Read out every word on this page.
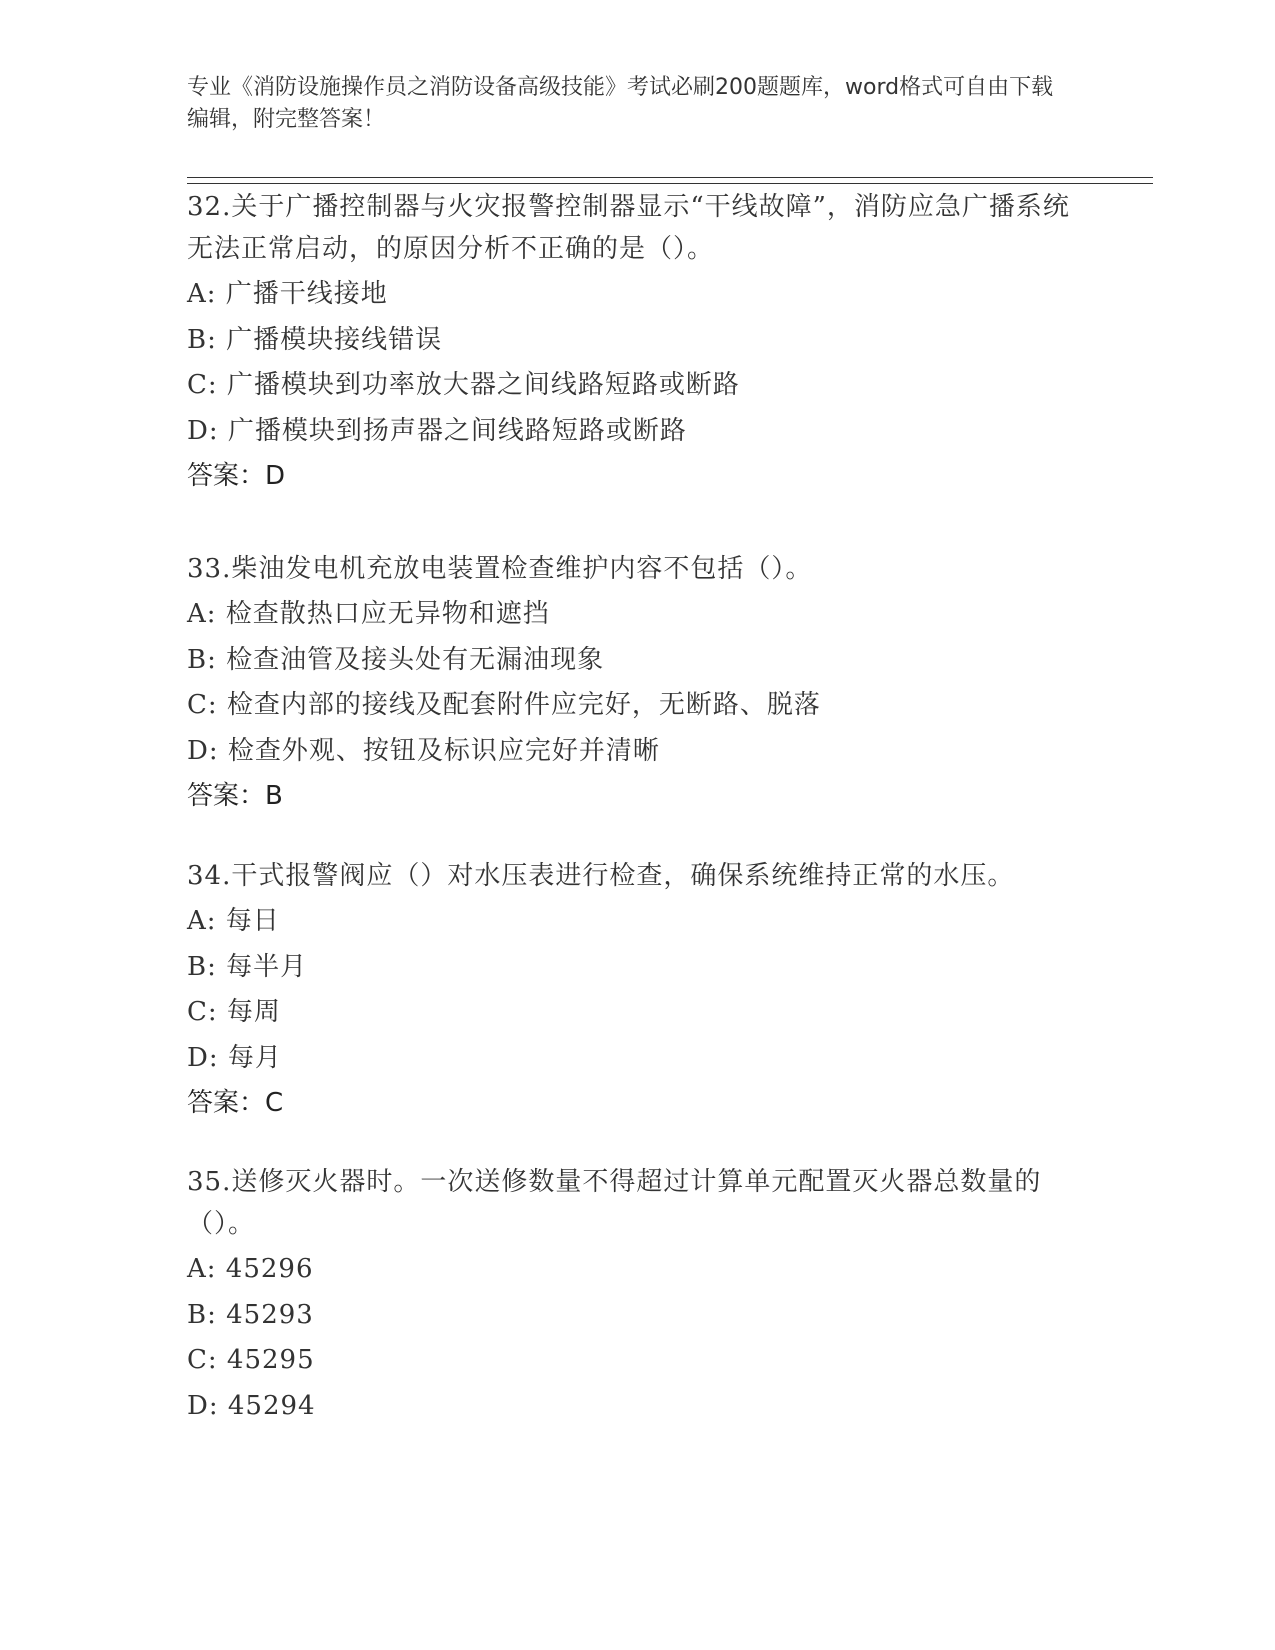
专业《消防设施操作员之消防设备高级技能》考试必刷200题题库，word格式可自由下载编辑，附完整答案！
32.关于广播控制器与火灾报警控制器显示“干线故障”，消防应急广播系统无法正常启动，的原因分析不正确的是（）。
A: 广播干线接地
B: 广播模块接线错误
C: 广播模块到功率放大器之间线路短路或断路
D: 广播模块到扬声器之间线路短路或断路
答案：D
33.柴油发电机充放电装置检查维护内容不包括（）。
A: 检查散热口应无异物和遮挡
B: 检查油管及接头处有无漏油现象
C: 检查内部的接线及配套附件应完好，无断路、脱落
D: 检查外观、按钮及标识应完好并清晰
答案：B
34.干式报警阀应（）对水压表进行检查，确保系统维持正常的水压。
A: 每日
B: 每半月
C: 每周
D: 每月
答案：C
35.送修灭火器时。一次送修数量不得超过计算单元配置灭火器总数量的（）。
A: 45296
B: 45293
C: 45295
D: 45294
